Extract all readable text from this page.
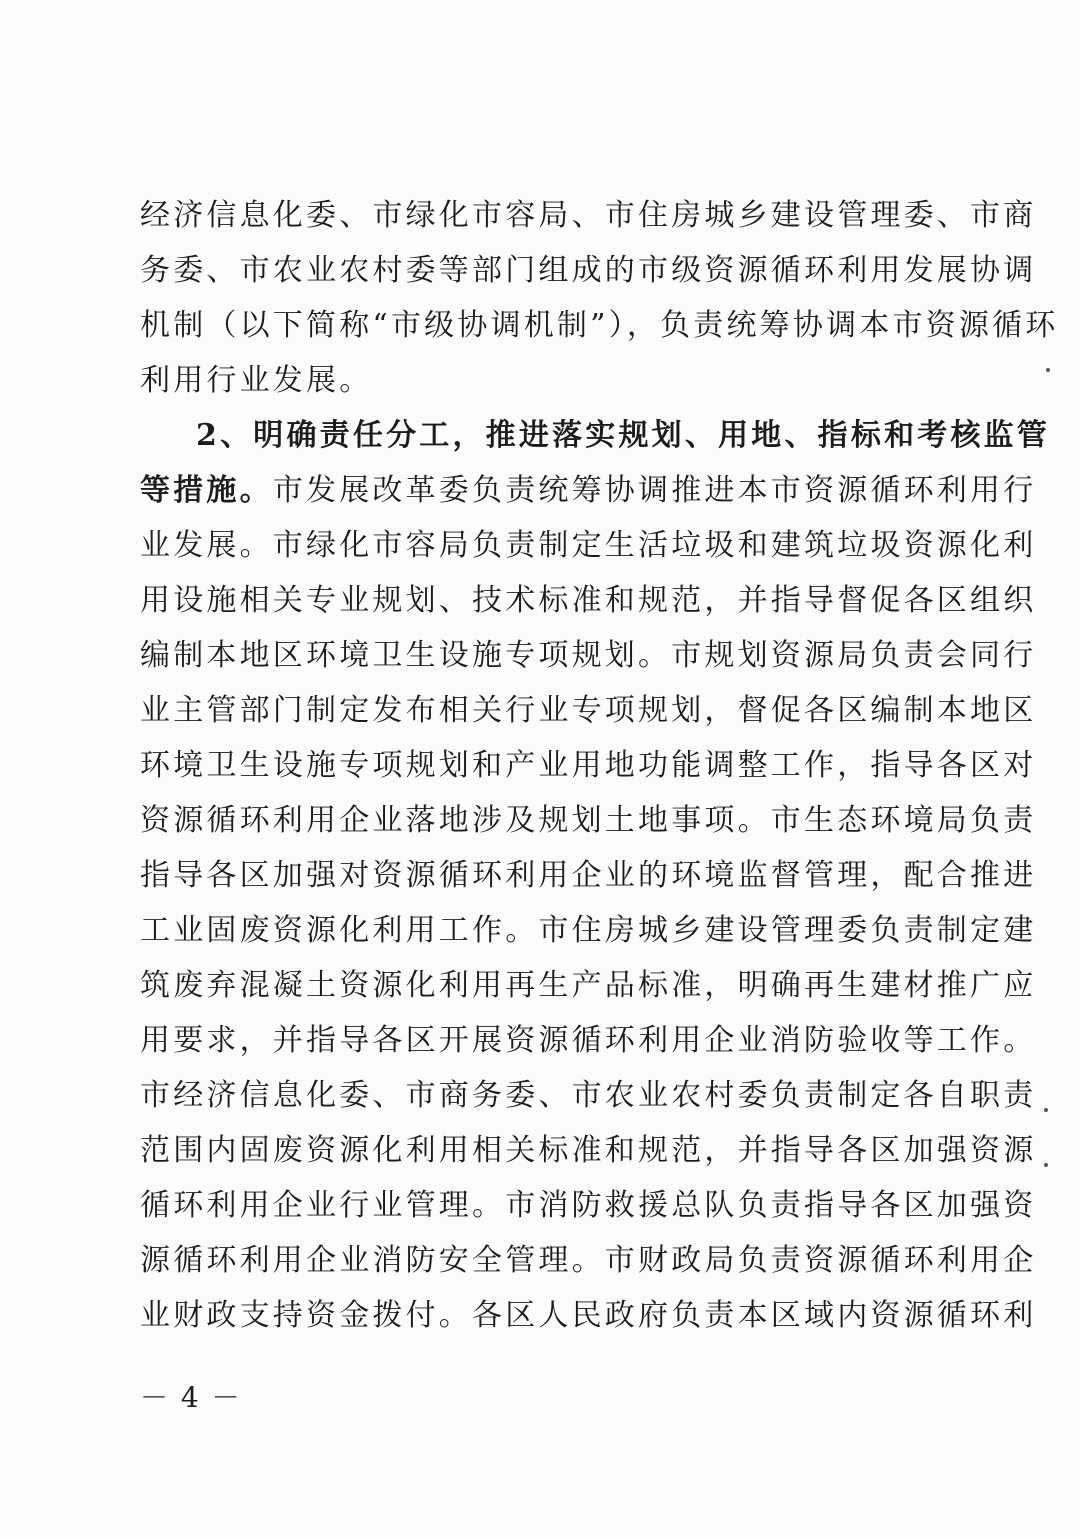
经济信息化委、市绿化市容局、市住房城乡建设管理委、市商
务委、市农业农村委等部门组成的市级资源循环利用发展协调
机制（以下简称“市级协调机制”），负责统筹协调本市资源循环
利用行业发展。
2、明确责任分工，推进落实规划、用地、指标和考核监管
等措施。市发展改革委负责统筹协调推进本市资源循环利用行
业发展。市绿化市容局负责制定生活垃圾和建筑垃圾资源化利
用设施相关专业规划、技术标准和规范，并指导督促各区组织
编制本地区环境卫生设施专项规划。市规划资源局负责会同行
业主管部门制定发布相关行业专项规划，督促各区编制本地区
环境卫生设施专项规划和产业用地功能调整工作，指导各区对
资源循环利用企业落地涉及规划土地事项。市生态环境局负责
指导各区加强对资源循环利用企业的环境监督管理，配合推进
工业固废资源化利用工作。市住房城乡建设管理委负责制定建
筑废弃混凝土资源化利用再生产品标准，明确再生建材推广应
用要求，并指导各区开展资源循环利用企业消防验收等工作。
市经济信息化委、市商务委、市农业农村委负责制定各自职责
范围内固废资源化利用相关标准和规范，并指导各区加强资源
循环利用企业行业管理。市消防救援总队负责指导各区加强资
源循环利用企业消防安全管理。市财政局负责资源循环利用企
业财政支持资金拨付。各区人民政府负责本区域内资源循环利
－ 4 －
